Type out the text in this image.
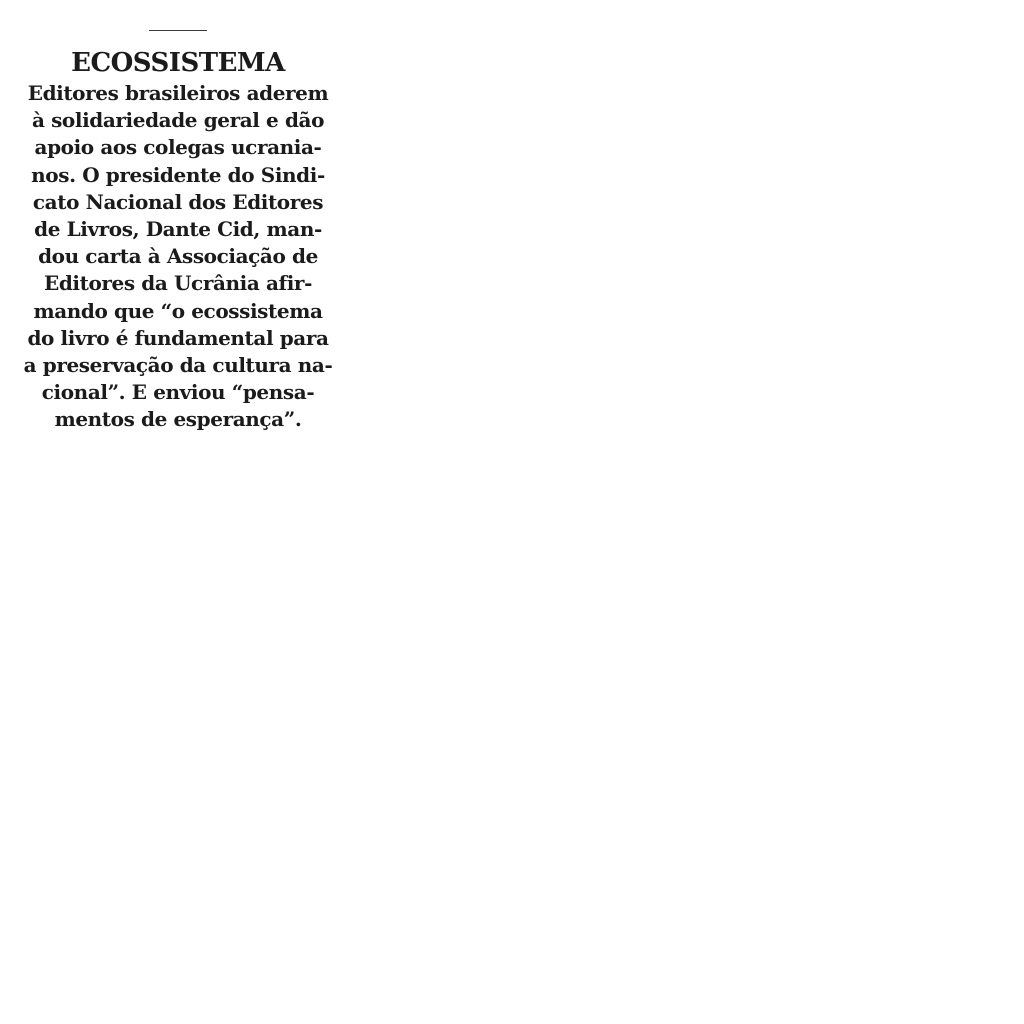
ECOSSISTEMA

Editores brasileiros aderem
à solidariedade geral e dão
apoio aos colegas ucrania-
nos. O presidente do Sindi-
cato Nacional dos Editores
de Livros, Dante Cid, man-
dou carta à Associação de
Editores da Ucrânia afir-
mando que “o ecossistema
do livro é fundamental para
a preservação da cultura na-
cional”. E enviou “pensa-
mentos de esperança”.
